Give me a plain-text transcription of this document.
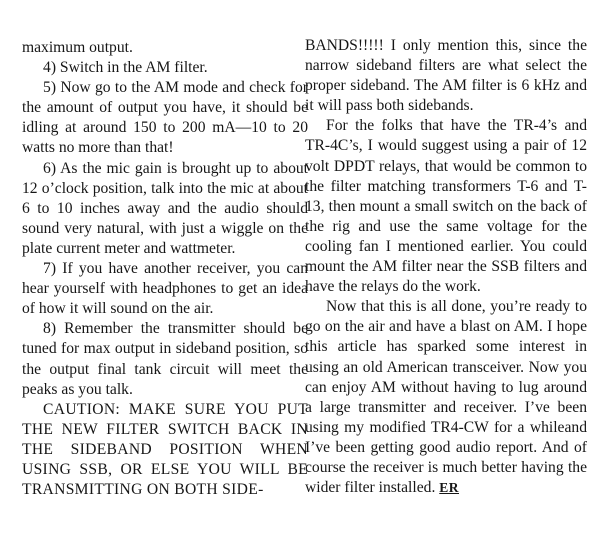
maximum output.

4) Switch in the AM filter.

5) Now go to the AM mode and check for the amount of output you have, it should be idling at around 150 to 200 mA—10 to 20 watts no more than that!

6) As the mic gain is brought up to about 12 o’clock position, talk into the mic at about 6 to 10 inches away and the audio should sound very natural, with just a wiggle on the plate current meter and wattmeter.

7) If you have another receiver, you can hear yourself with headphones to get an idea of how it will sound on the air.

8) Remember the transmitter should be tuned for max output in sideband position, so the output final tank circuit will meet the peaks as you talk.

CAUTION: MAKE SURE YOU PUT THE NEW FILTER SWITCH BACK IN THE SIDEBAND POSITION WHEN USING SSB, OR ELSE YOU WILL BE TRANSMITTING ON BOTH SIDE-

BANDS!!!!! I only mention this, since the narrow sideband filters are what select the proper sideband. The AM filter is 6 kHz and it will pass both sidebands.

For the folks that have the TR-4’s and TR-4C’s, I would suggest using a pair of 12 volt DPDT relays, that would be common to the filter matching transformers T-6 and T-13, then mount a small switch on the back of the rig and use the same voltage for the cooling fan I mentioned earlier. You could mount the AM filter near the SSB filters and have the relays do the work.

Now that this is all done, you’re ready to go on the air and have a blast on AM. I hope this article has sparked some interest in using an old American transceiver. Now you can enjoy AM without having to lug around a large transmitter and receiver. I’ve been using my modified TR4-CW for a whileand I’ve been getting good audio report. And of course the receiver is much better having the wider filter installed. ER
